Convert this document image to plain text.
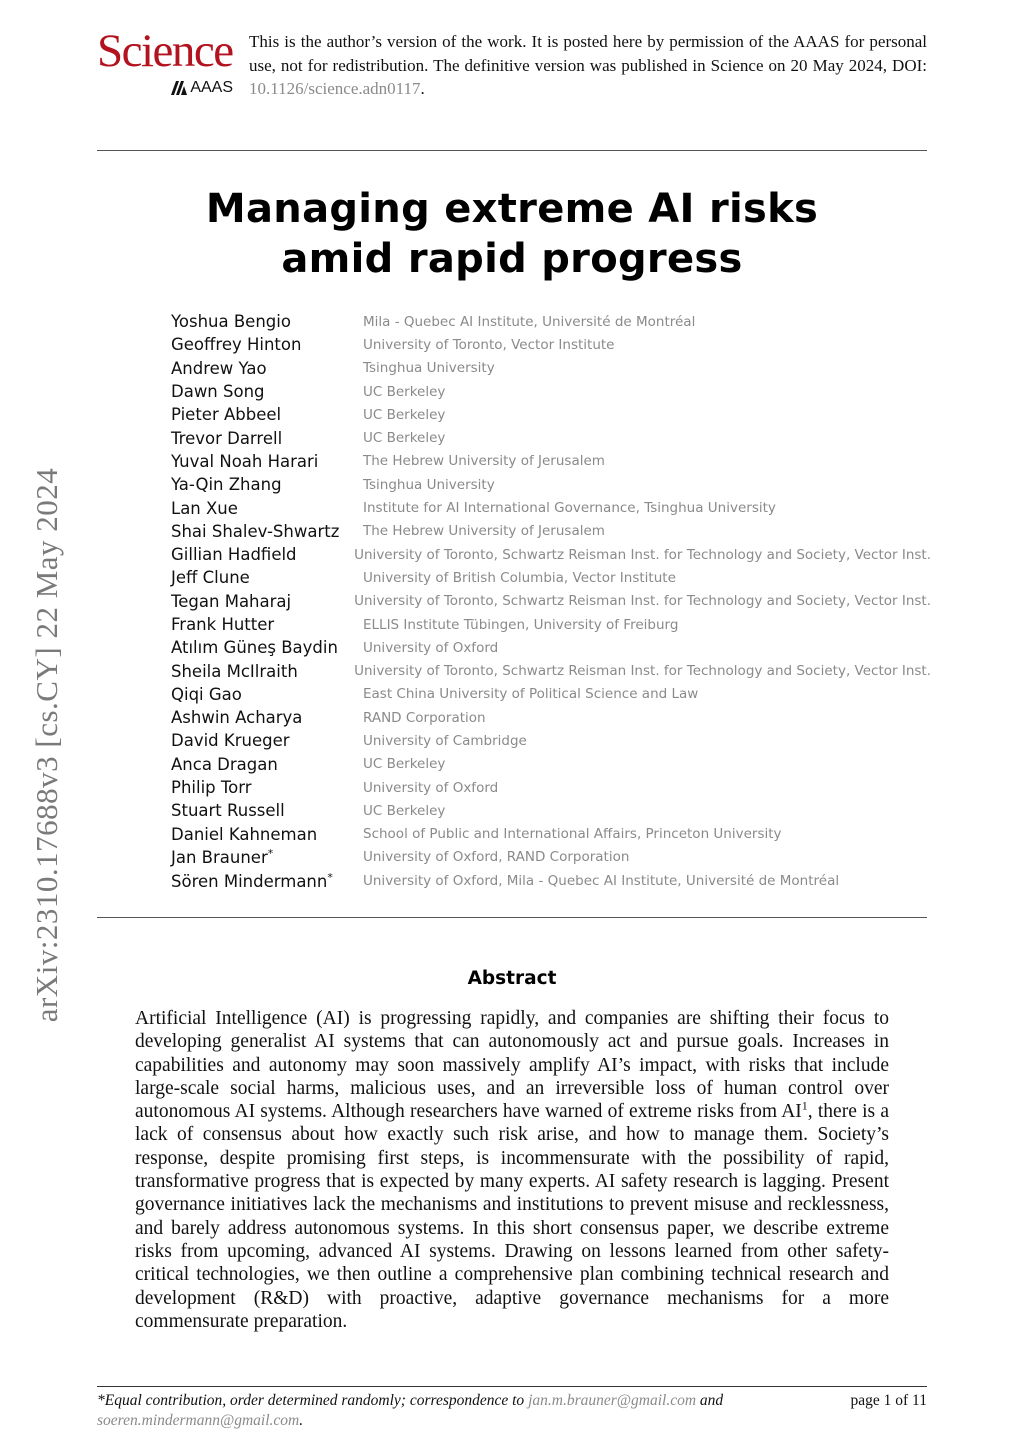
arXiv:2310.17688v3 [cs.CY] 22 May 2024
Science
AAAS
This is the author’s version of the work. It is posted here by permission of the AAAS for personal use, not for redistribution. The definitive version was published in Science on 20 May 2024, DOI: 10.1126/science.adn0117.
Managing extreme AI risks
amid rapid progress
Yoshua Bengio	Mila - Quebec AI Institute, Université de Montréal
Geoffrey Hinton	University of Toronto, Vector Institute
Andrew Yao	Tsinghua University
Dawn Song	UC Berkeley
Pieter Abbeel	UC Berkeley
Trevor Darrell	UC Berkeley
Yuval Noah Harari	The Hebrew University of Jerusalem
Ya-Qin Zhang	Tsinghua University
Lan Xue	Institute for AI International Governance, Tsinghua University
Shai Shalev-Shwartz	The Hebrew University of Jerusalem
Gillian Hadfield	University of Toronto, Schwartz Reisman Inst. for Technology and Society, Vector Inst.
Jeff Clune	University of British Columbia, Vector Institute
Tegan Maharaj	University of Toronto, Schwartz Reisman Inst. for Technology and Society, Vector Inst.
Frank Hutter	ELLIS Institute Tübingen, University of Freiburg
Atılım Güneş Baydin	University of Oxford
Sheila McIlraith	University of Toronto, Schwartz Reisman Inst. for Technology and Society, Vector Inst.
Qiqi Gao	East China University of Political Science and Law
Ashwin Acharya	RAND Corporation
David Krueger	University of Cambridge
Anca Dragan	UC Berkeley
Philip Torr	University of Oxford
Stuart Russell	UC Berkeley
Daniel Kahneman	School of Public and International Affairs, Princeton University
Jan Brauner*	University of Oxford, RAND Corporation
Sören Mindermann*	University of Oxford, Mila - Quebec AI Institute, Université de Montréal
Abstract

Artificial Intelligence (AI) is progressing rapidly, and companies are shifting their focus to developing generalist AI systems that can autonomously act and pursue goals. Increases in capabilities and autonomy may soon massively amplify AI’s impact, with risks that include large-scale social harms, malicious uses, and an irreversible loss of human control over autonomous AI systems. Although researchers have warned of extreme risks from $AI^1$, there is a lack of consensus about how exactly such risk arise, and how to manage them. Society’s response, despite promising first steps, is incommensurate with the possibility of rapid, transformative progress that is expected by many experts. AI safety research is lagging. Present governance initiatives lack the mechanisms and institutions to prevent misuse and recklessness, and barely address autonomous systems. In this short consensus paper, we describe extreme risks from upcoming, advanced AI systems. Drawing on lessons learned from other safety-critical technologies, we then outline a comprehensive plan combining technical research and development (R&D) with proactive, adaptive governance mechanisms for a more commensurate preparation.

*Equal contribution, order determined randomly; correspondence to jan.m.brauner@gmail.com and
soeren.mindermann@gmail.com.
page 1 of 11
